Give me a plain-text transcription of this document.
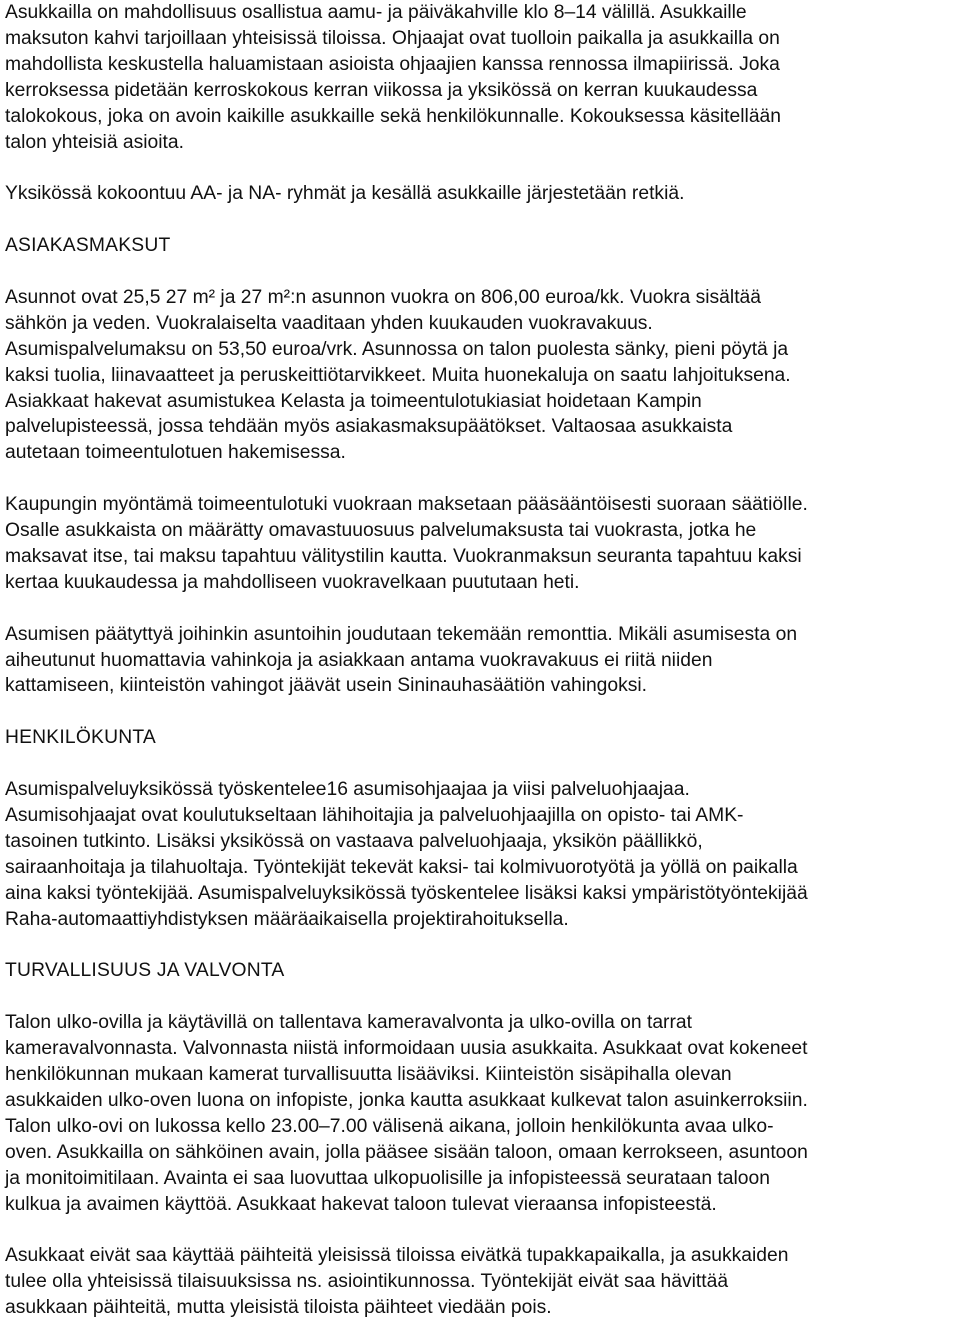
Asukkailla on mahdollisuus osallistua aamu- ja päiväkahville klo 8–14 välillä. Asukkaille
maksuton kahvi tarjoillaan yhteisissä tiloissa. Ohjaajat ovat tuolloin paikalla ja asukkailla on
mahdollista keskustella haluamistaan asioista ohjaajien kanssa rennossa ilmapiirissä. Joka
kerroksessa pidetään kerroskokous kerran viikossa ja yksikössä on kerran kuukaudessa
talokokous, joka on avoin kaikille asukkaille sekä henkilökunnalle. Kokouksessa käsitellään
talon yhteisiä asioita.

Yksikössä kokoontuu AA- ja NA- ryhmät ja kesällä asukkaille järjestetään retkiä.

ASIAKASMAKSUT

Asunnot ovat 25,5 27 m² ja 27 m²:n asunnon vuokra on 806,00 euroa/kk. Vuokra sisältää
sähkön ja veden. Vuokralaiselta vaaditaan yhden kuukauden vuokravakuus.
Asumispalvelumaksu on 53,50 euroa/vrk. Asunnossa on talon puolesta sänky, pieni pöytä ja
kaksi tuolia, liinavaatteet ja peruskeittiötarvikkeet. Muita huonekaluja on saatu lahjoituksena.
Asiakkaat hakevat asumistukea Kelasta ja toimeentulotukiasiat hoidetaan Kampin
palvelupisteessä, jossa tehdään myös asiakasmaksupäätökset. Valtaosaa asukkaista
autetaan toimeentulotuen hakemisessa.

Kaupungin myöntämä toimeentulotuki vuokraan maksetaan pääsääntöisesti suoraan säätiölle.
Osalle asukkaista on määrätty omavastuuosuus palvelumaksusta tai vuokrasta, jotka he
maksavat itse, tai maksu tapahtuu välitystilin kautta. Vuokranmaksun seuranta tapahtuu kaksi
kertaa kuukaudessa ja mahdolliseen vuokravelkaan puututaan heti.

Asumisen päätyttyä joihinkin asuntoihin joudutaan tekemään remonttia. Mikäli asumisesta on
aiheutunut huomattavia vahinkoja ja asiakkaan antama vuokravakuus ei riitä niiden
kattamiseen, kiinteistön vahingot jäävät usein Sininauhasäätiön vahingoksi.

HENKILÖKUNTA

Asumispalveluyksikössä työskentelee16 asumisohjaajaa ja viisi palveluohjaajaa.
Asumisohjaajat ovat koulutukseltaan lähihoitajia ja palveluohjaajilla on opisto- tai AMK-
tasoinen tutkinto. Lisäksi yksikössä on vastaava palveluohjaaja, yksikön päällikkö,
sairaanhoitaja ja tilahuoltaja. Työntekijät tekevät kaksi- tai kolmivuorotyötä ja yöllä on paikalla
aina kaksi työntekijää. Asumispalveluyksikössä työskentelee lisäksi kaksi ympäristötyöntekijää
Raha-automaattiyhdistyksen määräaikaisella projektirahoituksella.

TURVALLISUUS JA VALVONTA

Talon ulko-ovilla ja käytävillä on tallentava kameravalvonta ja ulko-ovilla on tarrat
kameravalvonnasta. Valvonnasta niistä informoidaan uusia asukkaita. Asukkaat ovat kokeneet
henkilökunnan mukaan kamerat turvallisuutta lisääviksi. Kiinteistön sisäpihalla olevan
asukkaiden ulko-oven luona on infopiste, jonka kautta asukkaat kulkevat talon asuinkerroksiin.
Talon ulko-ovi on lukossa kello 23.00–7.00 välisenä aikana, jolloin henkilökunta avaa ulko-
oven. Asukkailla on sähköinen avain, jolla pääsee sisään taloon, omaan kerrokseen, asuntoon
ja monitoimitilaan. Avainta ei saa luovuttaa ulkopuolisille ja infopisteessä seurataan taloon
kulkua ja avaimen käyttöä. Asukkaat hakevat taloon tulevat vieraansa infopisteestä.

Asukkaat eivät saa käyttää päihteitä yleisissä tiloissa eivätkä tupakkapaikalla, ja asukkaiden
tulee olla yhteisissä tilaisuuksissa ns. asiointikunnossa. Työntekijät eivät saa hävittää
asukkaan päihteitä, mutta yleisistä tiloista päihteet viedään pois.
